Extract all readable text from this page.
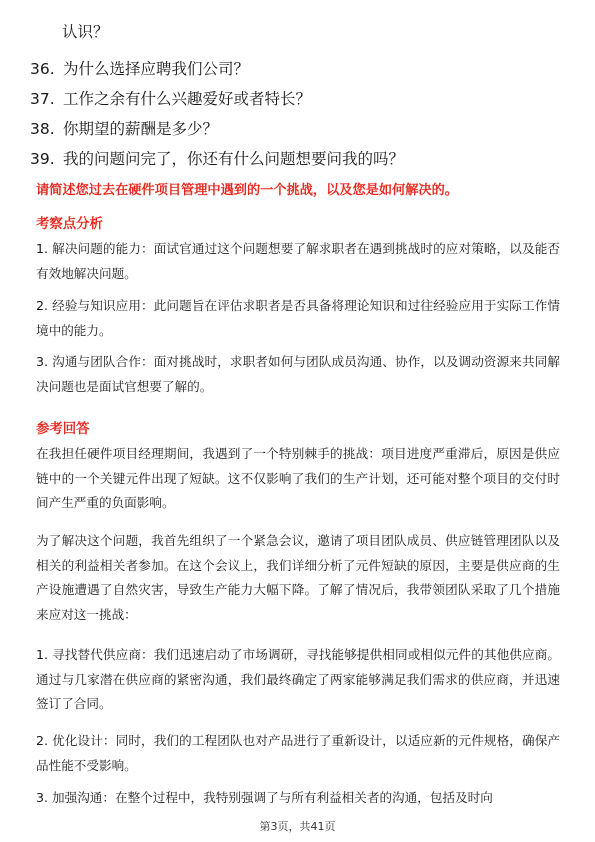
认识？
36. 为什么选择应聘我们公司？
37. 工作之余有什么兴趣爱好或者特长？
38. 你期望的薪酬是多少？
39. 我的问题问完了，你还有什么问题想要问我的吗？
请简述您过去在硬件项目管理中遇到的一个挑战，以及您是如何解决的。
考察点分析
1. 解决问题的能力：面试官通过这个问题想要了解求职者在遇到挑战时的应对策略，以及能否有效地解决问题。
2. 经验与知识应用：此问题旨在评估求职者是否具备将理论知识和过往经验应用于实际工作情境中的能力。
3. 沟通与团队合作：面对挑战时，求职者如何与团队成员沟通、协作，以及调动资源来共同解决问题也是面试官想要了解的。
参考回答
在我担任硬件项目经理期间，我遇到了一个特别棘手的挑战：项目进度严重滞后，原因是供应链中的一个关键元件出现了短缺。这不仅影响了我们的生产计划，还可能对整个项目的交付时间产生严重的负面影响。
为了解决这个问题，我首先组织了一个紧急会议，邀请了项目团队成员、供应链管理团队以及相关的利益相关者参加。在这个会议上，我们详细分析了元件短缺的原因，主要是供应商的生产设施遭遇了自然灾害，导致生产能力大幅下降。了解了情况后，我带领团队采取了几个措施来应对这一挑战：
1. 寻找替代供应商：我们迅速启动了市场调研，寻找能够提供相同或相似元件的其他供应商。通过与几家潜在供应商的紧密沟通，我们最终确定了两家能够满足我们需求的供应商，并迅速签订了合同。
2. 优化设计：同时，我们的工程团队也对产品进行了重新设计，以适应新的元件规格，确保产品性能不受影响。
3. 加强沟通：在整个过程中，我特别强调了与所有利益相关者的沟通，包括及时向
第3页，共41页
